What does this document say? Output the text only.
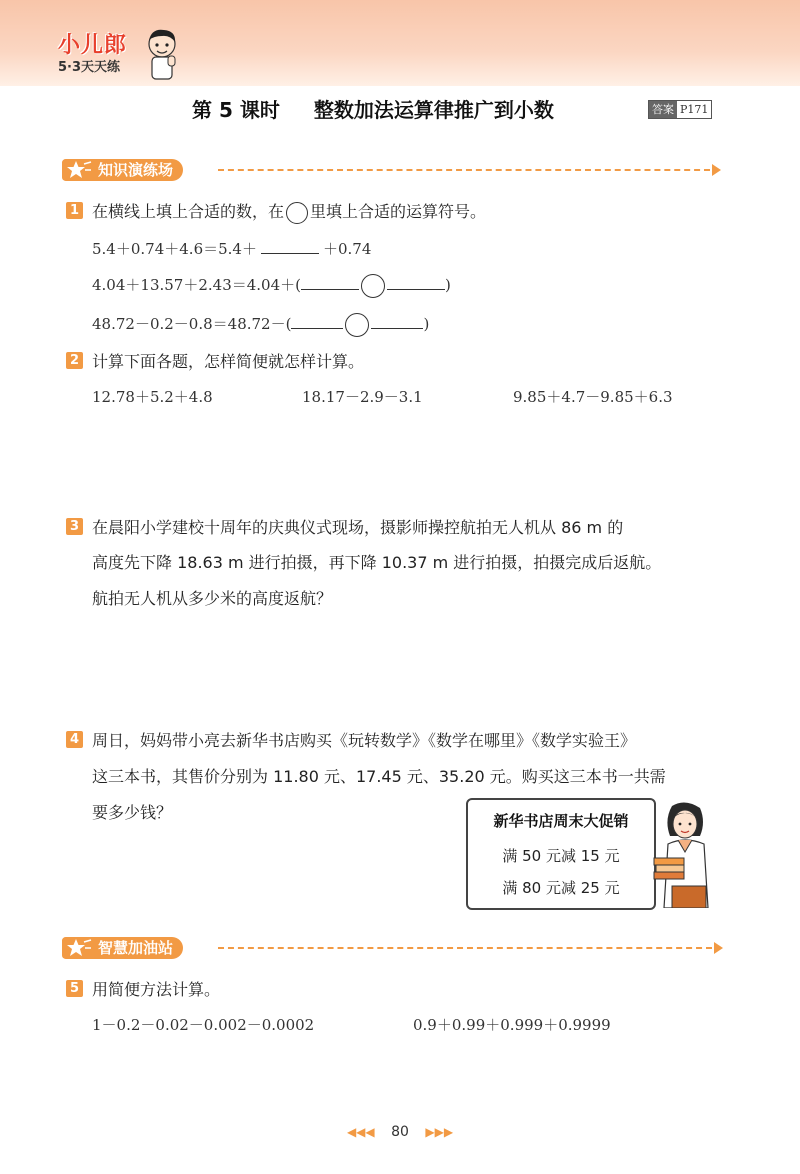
小儿郎
5·3天天练
第 5 课时 整数加法运算律推广到小数	答案 P171
知识演练场
1 在横线上填上合适的数，在 里填上合适的运算符号。
5.4＋0.74＋4.6＝5.4＋	＋0.74
4.04＋13.57＋2.43＝4.04＋(	)
48.72－0.2－0.8＝48.72－(	)
2 计算下面各题，怎样简便就怎样计算。
12.78＋5.2＋4.8	18.17－2.9－3.1	9.85＋4.7－9.85＋6.3
3 在晨阳小学建校十周年的庆典仪式现场，摄影师操控航拍无人机从 86 m 的
高度先下降 18.63 m 进行拍摄，再下降 10.37 m 进行拍摄，拍摄完成后返航。
航拍无人机从多少米的高度返航？
4 周日，妈妈带小亮去新华书店购买《玩转数学》《数学在哪里》《数学实验王》
这三本书，其售价分别为 11.80 元、17.45 元、35.20 元。购买这三本书一共需
要多少钱？	新华书店周末大促销
满 50 元减 15 元
满 80 元减 25 元
智慧加油站
5 用简便方法计算。
1－0.2－0.02－0.002－0.0002	0.9＋0.99＋0.999＋0.9999
◀◀◀ 80 ▶▶▶
